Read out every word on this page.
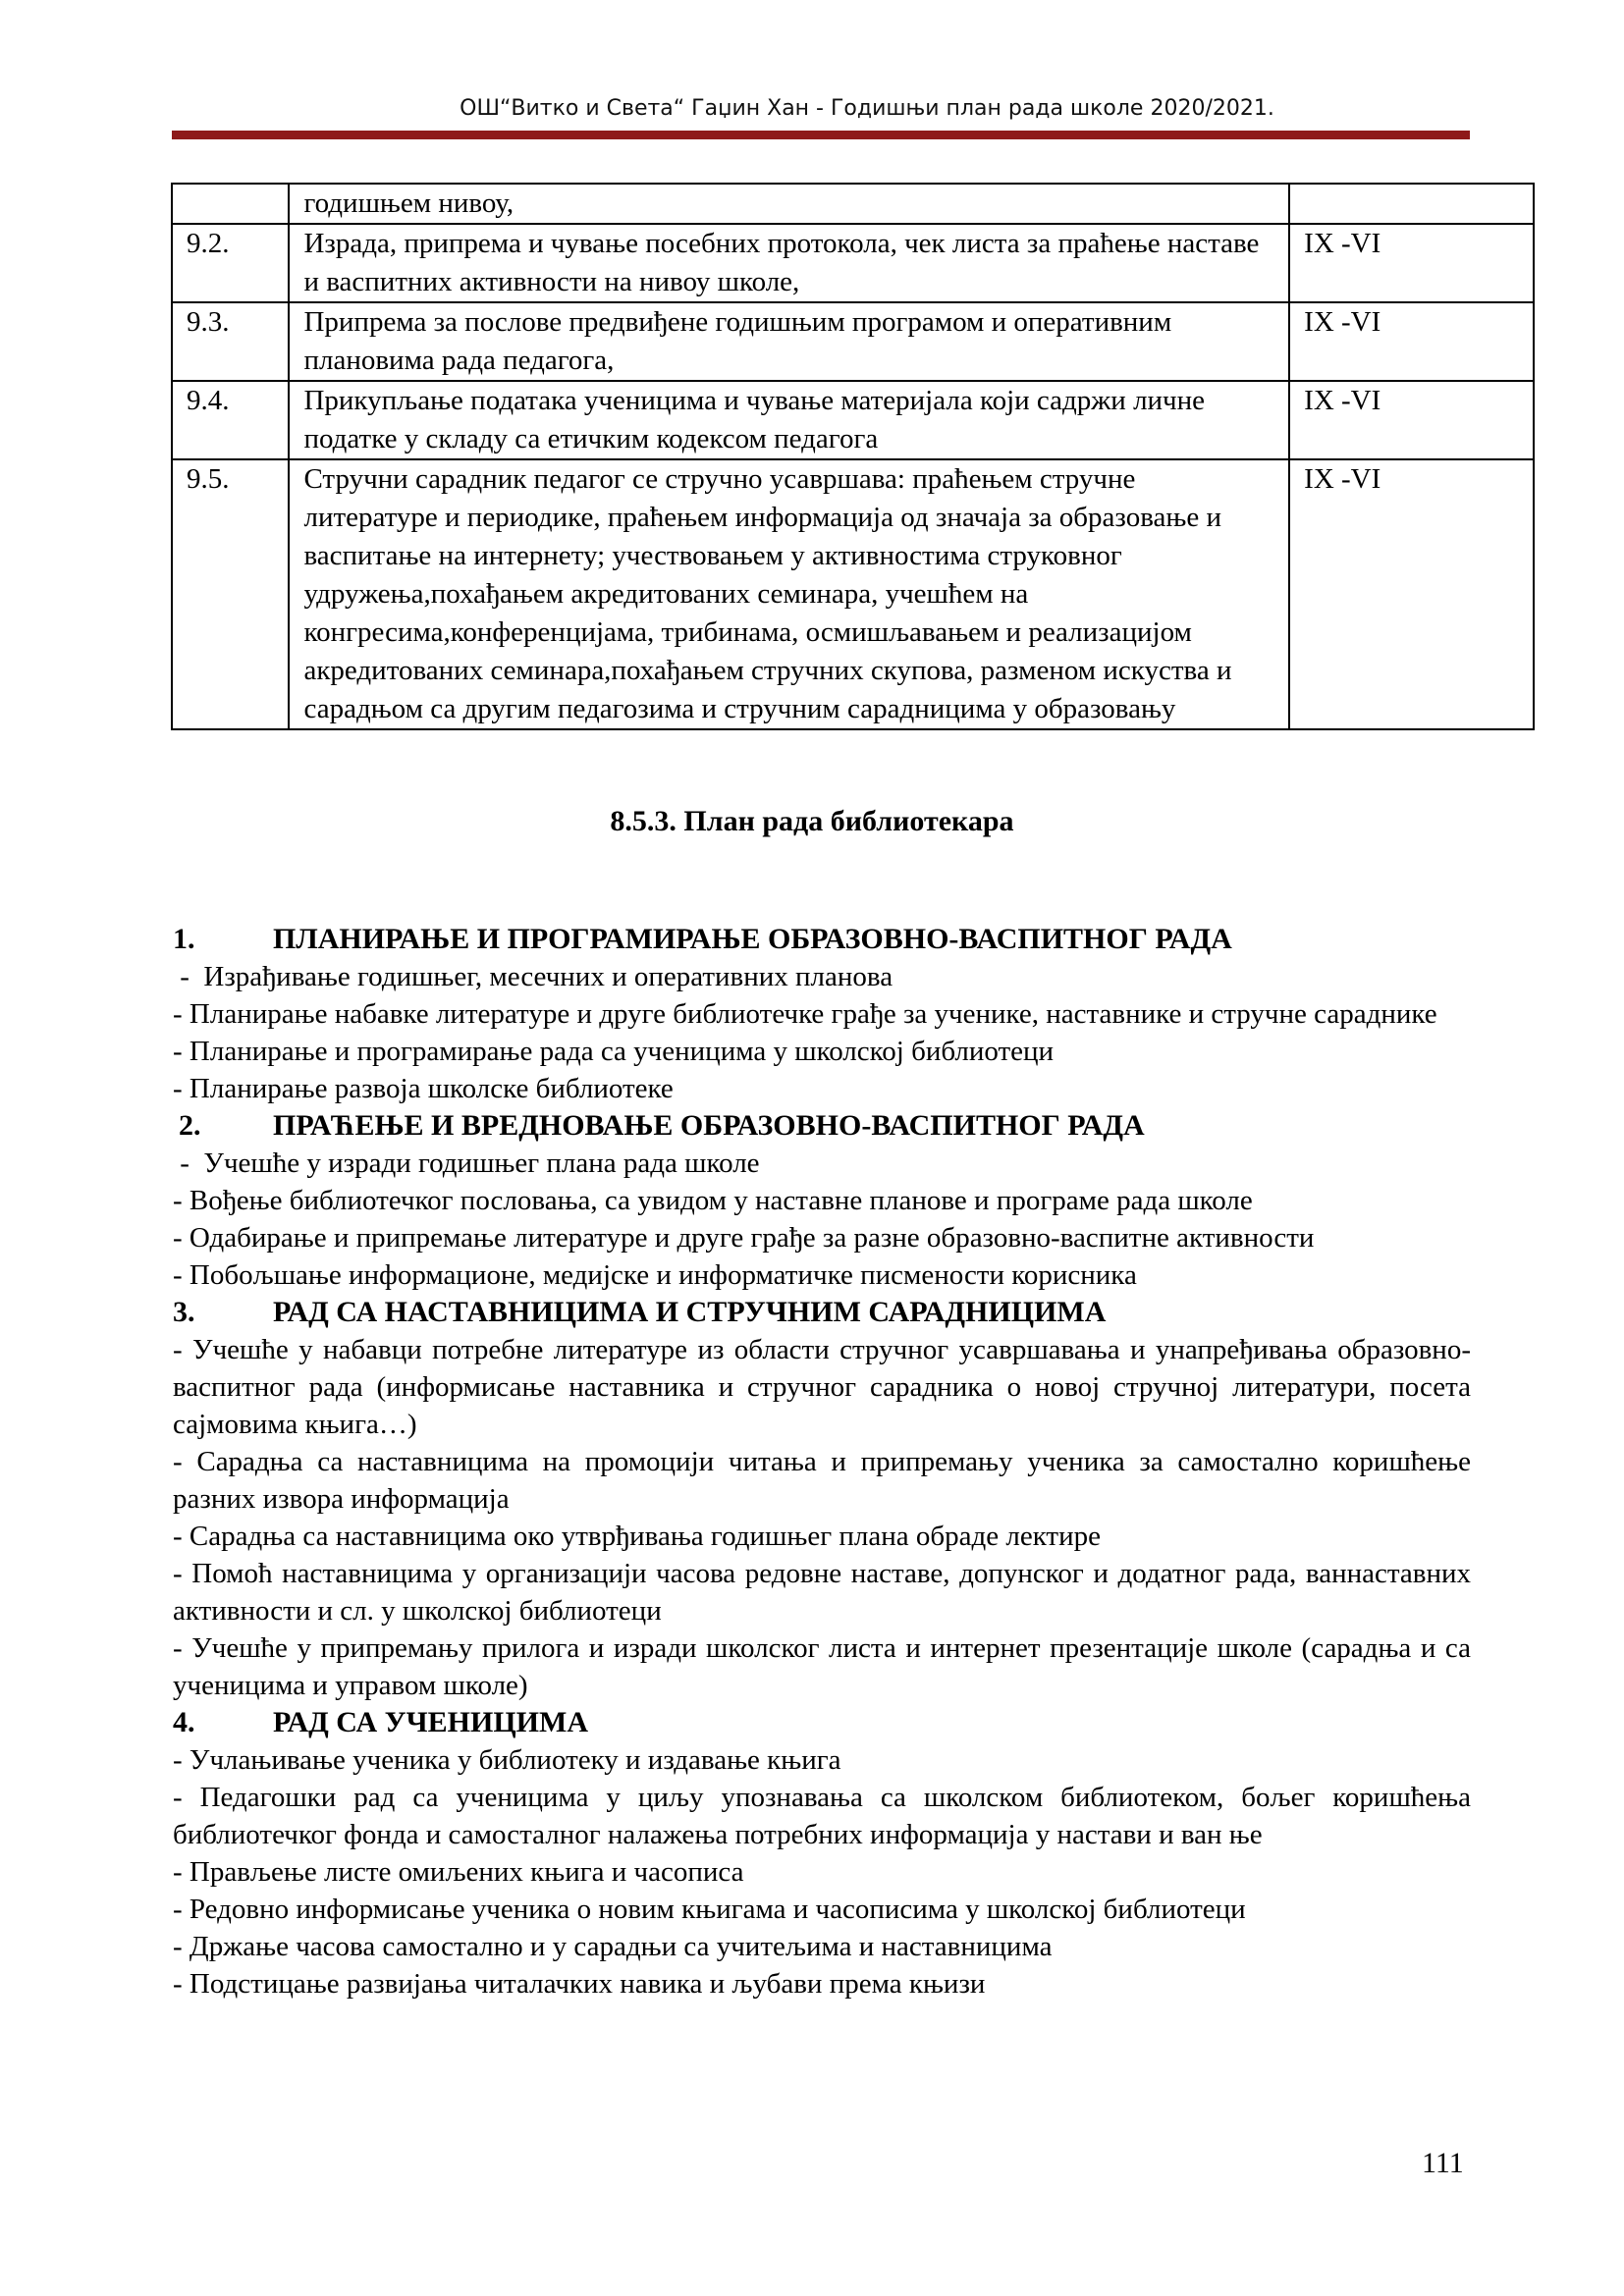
ОШ“Витко и Света“ Гаџин Хан - Годишњи план рада школе 2020/2021.
	годишњем нивоу,	
9.2.	Израда, припрема и чување посебних протокола, чек листа за праћење наставе и васпитних активности на нивоу школе,	IX -VI
9.3.	Припрема за послове предвиђене годишњим програмом и оперативним плановима рада педагога,	IX -VI
9.4.	Прикупљање података ученицима и чување материјала који садржи личне податке у складу са етичким кодексом педагога	IX -VI
9.5.	Стручни сарадник педагог се стручно усавршава: праћењем стручне литературе и периодике, праћењем информација од значаја за образовање и васпитање на интернету; учествовањем у активностима струковног удружења,похађањем акредитованих семинара, учешћем на конгресима,конференцијама, трибинама, осмишљавањем и реализацијом акредитованих семинара,похађањем стручних скупова, разменом искуства и сарадњом са другим педагозима и стручним сарадницима у образовању	IX -VI
8.5.3. План рада библиотекара
1.	ПЛАНИРАЊЕ И ПРОГРАМИРАЊЕ ОБРАЗОВНО-ВАСПИТНОГ РАДА

-  Израђивање годишњег, месечних и оперативних планова

- Планирање набавке литературе и друге библиотечке грађе за ученике, наставнике и стручне сараднике

- Планирање и програмирање рада са ученицима у школској библиотеци

- Планирање развоја школске библиотеке

2.	ПРАЋЕЊЕ И ВРЕДНОВАЊЕ ОБРАЗОВНО-ВАСПИТНОГ РАДА

-  Учешће у изради годишњег плана рада школе

- Вођење библиотечког пословања, са увидом у наставне планове и програме рада школе

- Одабирање и припремање литературе и друге грађе за разне образовно-васпитне активности

- Побољшање информационе, медијске и информатичке писмености корисника

3.	РАД СА НАСТАВНИЦИМА И СТРУЧНИМ САРАДНИЦИМА

- Учешће у набавци потребне литературе из области стручног усавршавања и унапређивања образовно- васпитног рада (информисање наставника и стручног сарадника о новој стручној литератури, посета сајмовима књига…)

- Сарадња са наставницима на промоцији читања и припремању ученика за самостално коришћење разних извора информација

- Сарадња са наставницима око утврђивања годишњег плана обраде лектире

- Помоћ наставницима у организацији часова редовне наставе, допунског и додатног рада, ваннаставних активности и сл. у школској библиотеци

- Учешће у припремању прилога и изради школског листа и интернет презентације школе (сарадња и са ученицима и управом школе)

4.	РАД СА УЧЕНИЦИМА

- Учлањивање ученика у библиотеку и издавање књига

- Педагошки рад са ученицима у циљу упознавања са школском библиотеком, бољег коришћења библиотечког фонда и самосталног налажења потребних информација у настави и ван ње

- Прављење листе омиљених књига и часописа

- Редовно информисање ученика о новим књигама и часописима у школској библиотеци

- Држање часова самостално и у сарадњи са учитељима и наставницима

- Подстицање развијања читалачких навика и љубави према књизи

111
